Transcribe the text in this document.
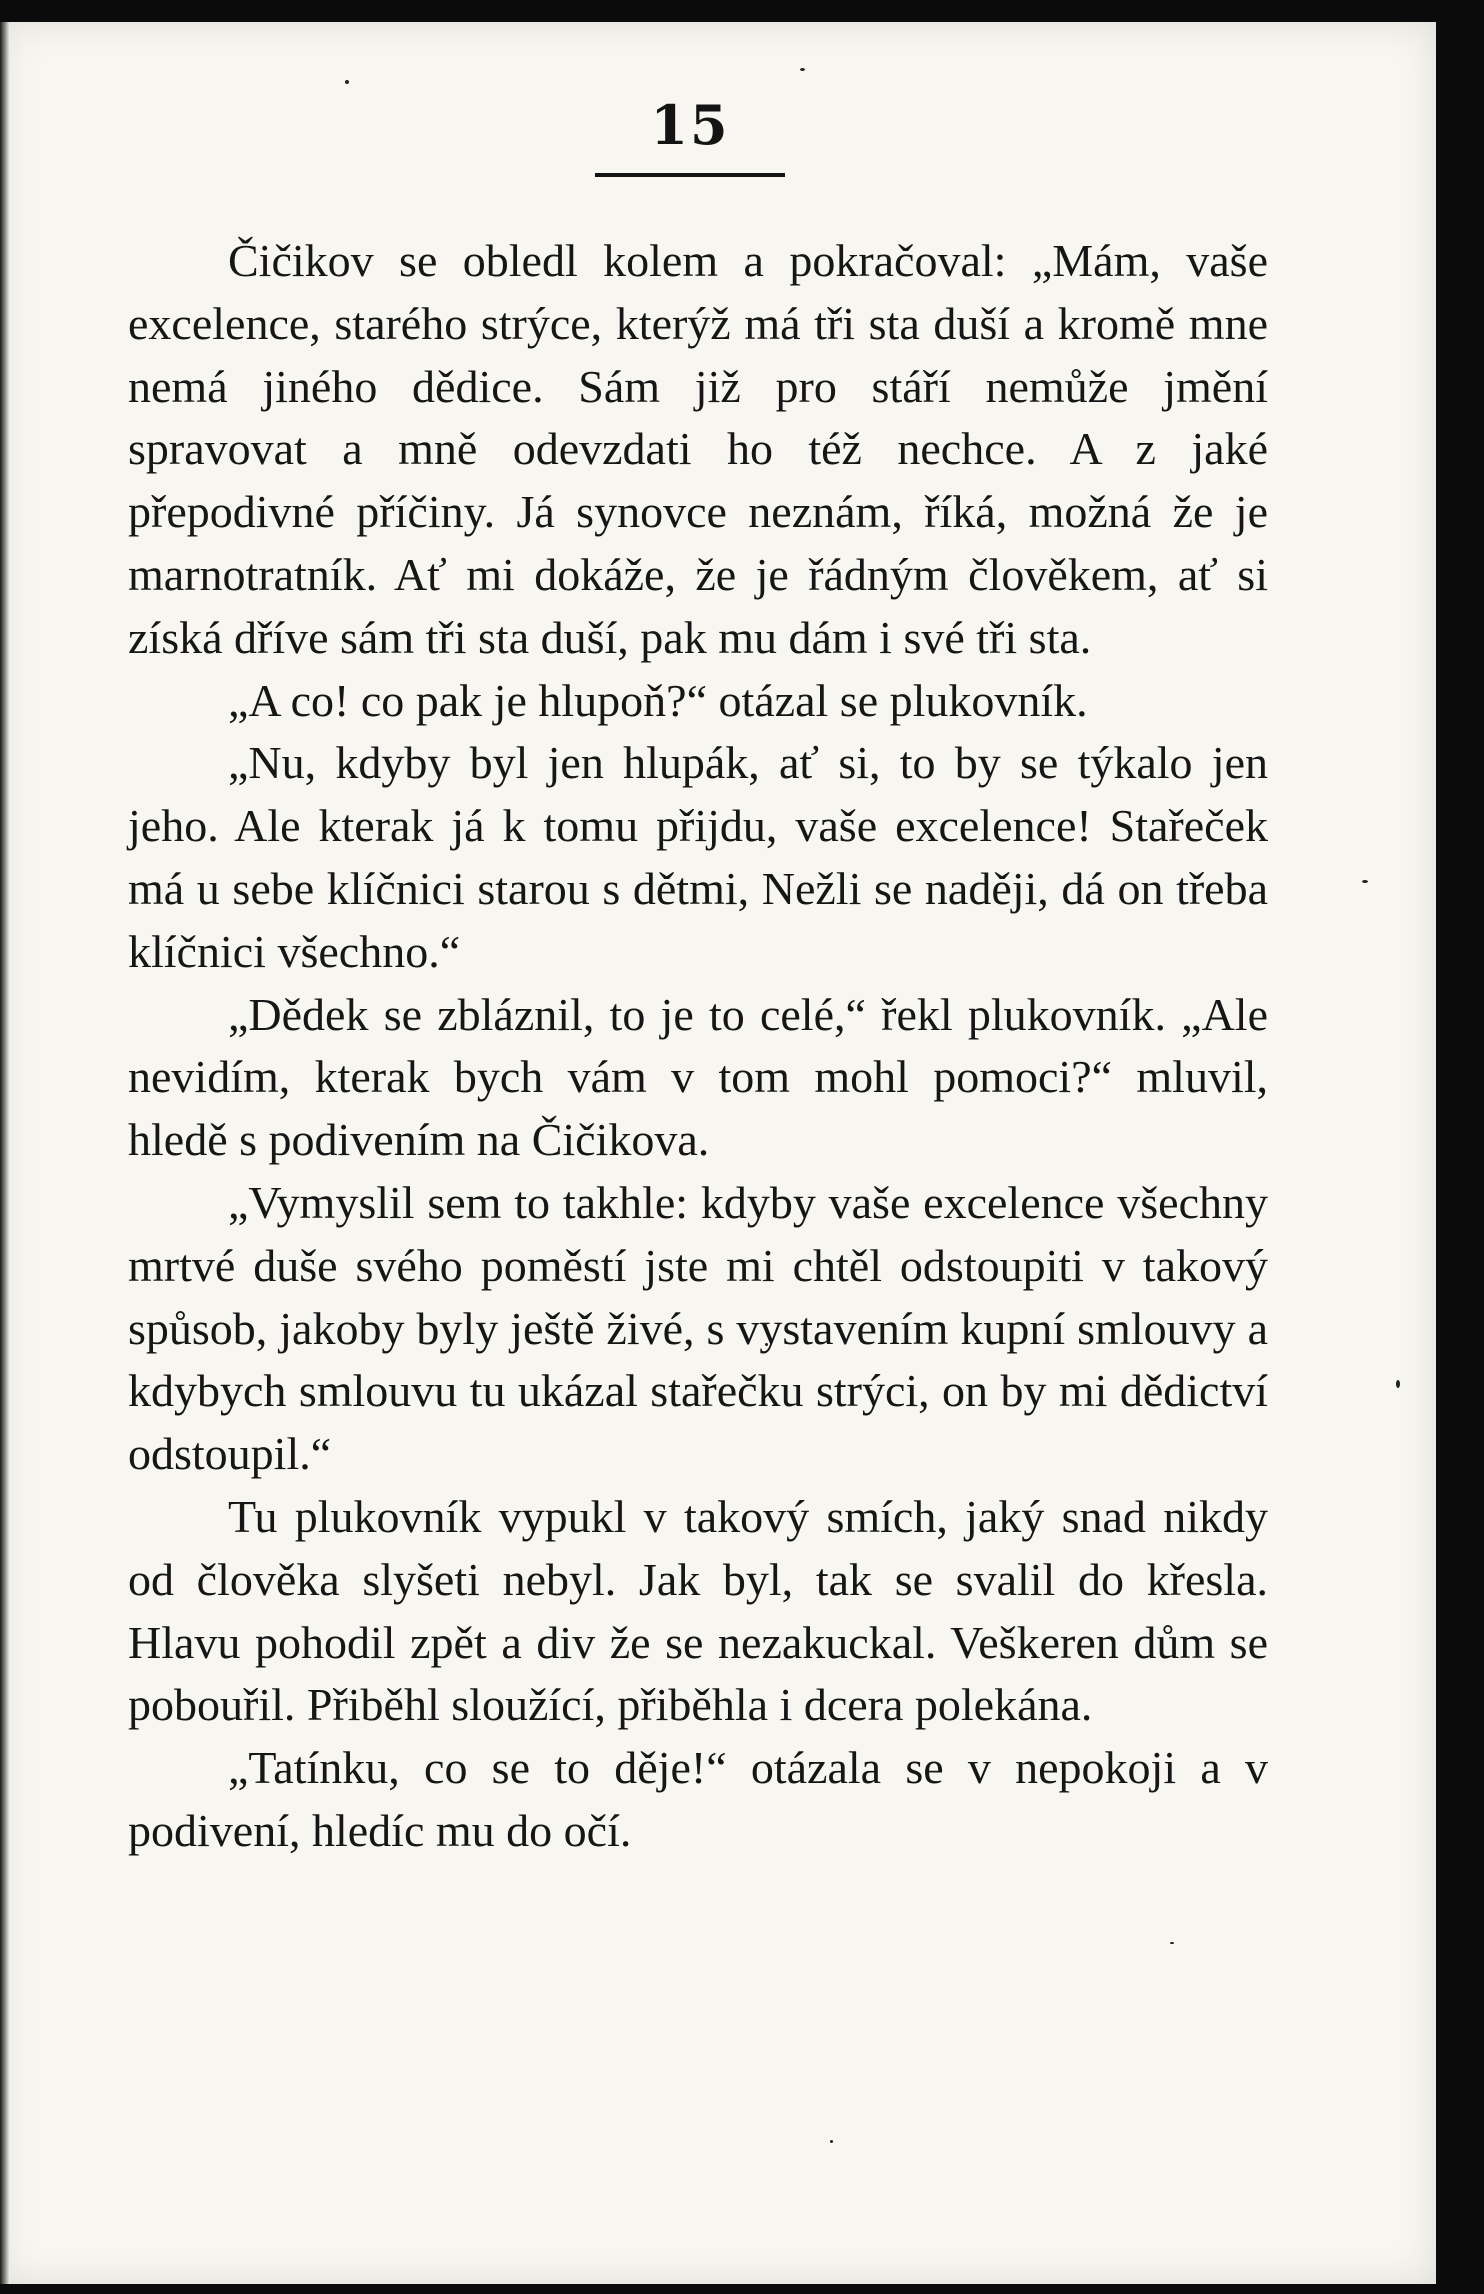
15

Čičikov se obledl kolem a pokračoval: „Mám, vaše excelence, starého strýce, kterýž má tři sta duší a kromě mne nemá jiného dědice. Sám již pro stáří nemůže jmění spravovat a mně odevzdati ho též nechce. A z jaké přepodivné příčiny. Já synovce neznám, říká, možná že je marnotratník. Ať mi dokáže, že je řádným člověkem, ať si získá dříve sám tři sta duší, pak mu dám i své tři sta.

„A co! co pak je hlupoň?“ otázal se plukovník.

„Nu, kdyby byl jen hlupák, ať si, to by se týkalo jen jeho. Ale kterak já k tomu přijdu, vaše excelence! Stařeček má u sebe klíčnici starou s dětmi, Nežli se naději, dá on třeba klíčnici všechno.“

„Dědek se zbláznil, to je to celé,“ řekl plukovník. „Ale nevidím, kterak bych vám v tom mohl pomoci?“ mluvil, hledě s podivením na Čičikova.

„Vymyslil sem to takhle: kdyby vaše excelence všechny mrtvé duše svého poměstí jste mi chtěl odstoupiti v takový spůsob, jakoby byly ještě živé, s vystavením kupní smlouvy a kdybych smlouvu tu ukázal stařečku strýci, on by mi dědictví odstoupil.“

Tu plukovník vypukl v takový smích, jaký snad nikdy od člověka slyšeti nebyl. Jak byl, tak se svalil do křesla. Hlavu pohodil zpět a div že se nezakuckal. Veškeren dům se pobouřil. Přiběhl sloužící, přiběhla i dcera polekána.

„Tatínku, co se to děje!“ otázala se v nepokoji a v podivení, hledíc mu do očí.
